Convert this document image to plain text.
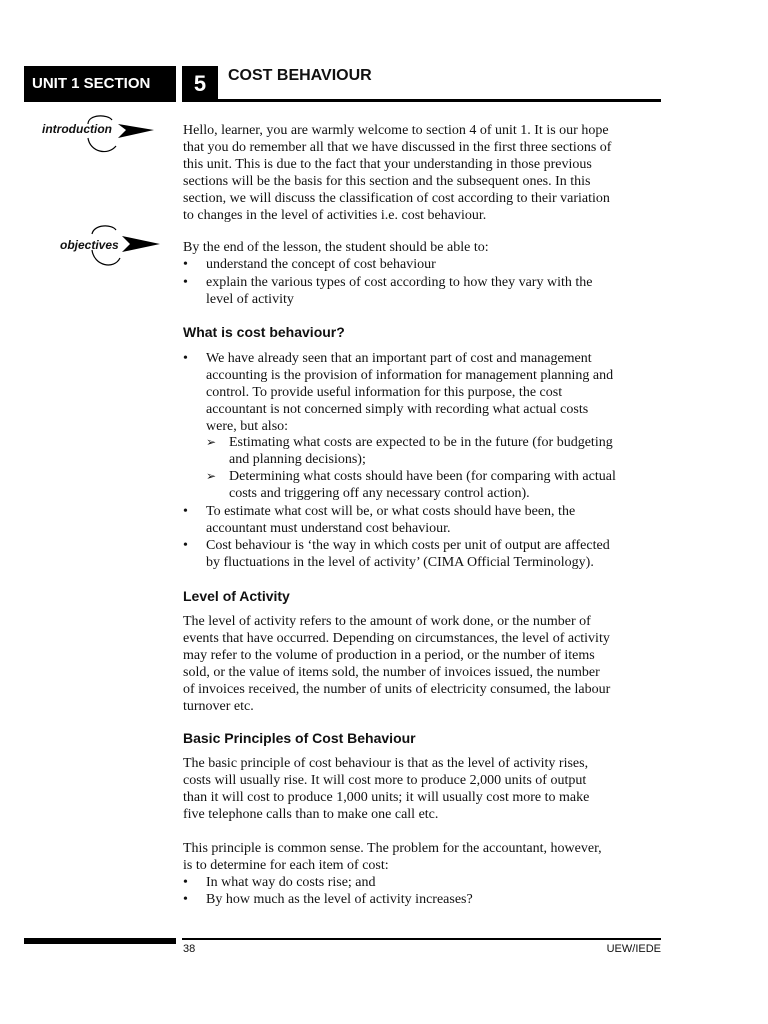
UNIT 1 SECTION	5	COST BEHAVIOUR
introduction
objectives
Hello, learner, you are warmly welcome to section 4 of unit 1. It is our hope
that you do remember all that we have discussed in the first three sections of
this unit. This is due to the fact that your understanding in those previous
sections will be the basis for this section and the subsequent ones. In this
section, we will discuss the classification of cost according to their variation
to changes in the level of activities i.e. cost behaviour.
By the end of the lesson, the student should be able to:
• understand the concept of cost behaviour
• explain the various types of cost according to how they vary with the
level of activity
What is cost behaviour?
• We have already seen that an important part of cost and management
accounting is the provision of information for management planning and
control. To provide useful information for this purpose, the cost
accountant is not concerned simply with recording what actual costs
were, but also:
➢ Estimating what costs are expected to be in the future (for budgeting
and planning decisions);
➢ Determining what costs should have been (for comparing with actual
costs and triggering off any necessary control action).
• To estimate what cost will be, or what costs should have been, the
accountant must understand cost behaviour.
• Cost behaviour is ‘the way in which costs per unit of output are affected
by fluctuations in the level of activity’ (CIMA Official Terminology).
Level of Activity
The level of activity refers to the amount of work done, or the number of
events that have occurred. Depending on circumstances, the level of activity
may refer to the volume of production in a period, or the number of items
sold, or the value of items sold, the number of invoices issued, the number
of invoices received, the number of units of electricity consumed, the labour
turnover etc.
Basic Principles of Cost Behaviour
The basic principle of cost behaviour is that as the level of activity rises,
costs will usually rise. It will cost more to produce 2,000 units of output
than it will cost to produce 1,000 units; it will usually cost more to make
five telephone calls than to make one call etc.
This principle is common sense. The problem for the accountant, however,
is to determine for each item of cost:
• In what way do costs rise; and
• By how much as the level of activity increases?
38	UEW/IEDE
